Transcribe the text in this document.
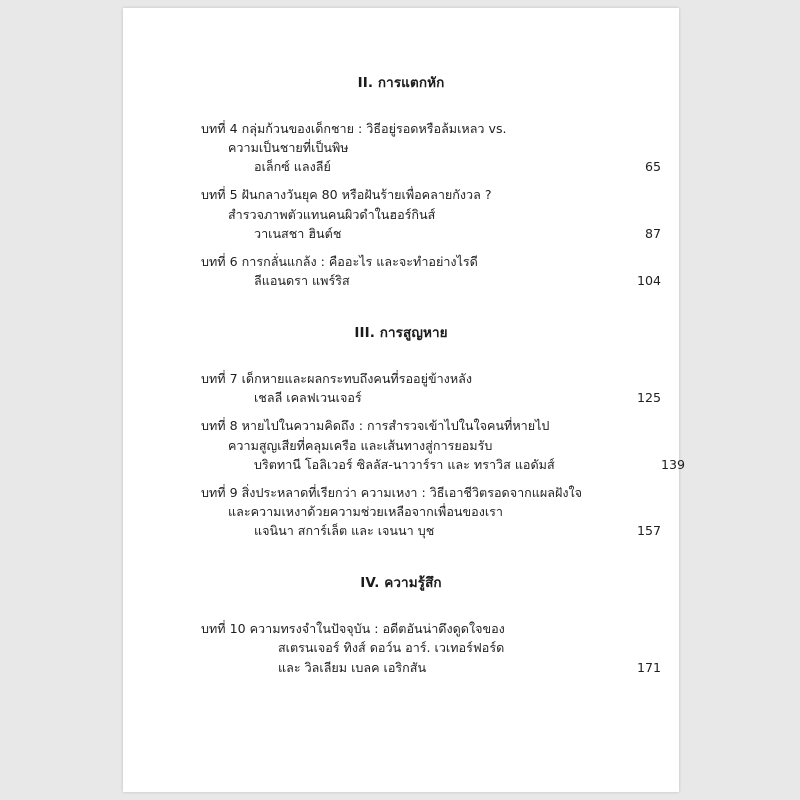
II. การแตกหัก
บทที่ 4 กลุ่มก้วนของเด็กชาย : วิธีอยู่รอดหรือล้มเหลว vs.
ความเป็นชายที่เป็นพิษ
อเล็กซ์ แลงลีย์	65
บทที่ 5 ฝันกลางวันยุค 80 หรือฝันร้ายเพื่อคลายกังวล ?
สำรวจภาพตัวแทนคนผิวดำในฮอร์กินส์
วาเนสชา ฮินต์ช	87
บทที่ 6 การกลั่นแกล้ง : คืออะไร และจะทำอย่างไรดี
ลีแอนดรา แพร์ริส	104
III. การสูญหาย
บทที่ 7 เด็กหายและผลกระทบถึงคนที่รออยู่ข้างหลัง
เชลลี เคลฟเวนเจอร์	125
บทที่ 8 หายไปในความคิดถึง : การสำรวจเข้าไปในใจคนที่หายไป
ความสูญเสียที่คลุมเครือ และเส้นทางสู่การยอมรับ
บริตทานี โอลิเวอร์ ซิลลัส-นาวาร์รา และ ทราวิส แอดัมส์	139
บทที่ 9 สิ่งประหลาดที่เรียกว่า ความเหงา : วิธีเอาชีวิตรอดจากแผลฝังใจ
และความเหงาด้วยความช่วยเหลือจากเพื่อนของเรา
แจนินา สการ์เล็ต และ เจนนา บุช	157
IV. ความรู้สึก
บทที่ 10 ความทรงจำในปัจจุบัน : อดีตอันน่าดึงดูดใจของ
สเตรนเจอร์ ทิงส์ ดอว์น อาร์. เวเทอร์ฟอร์ด
และ วิลเลียม เบลค เอริกสัน	171
